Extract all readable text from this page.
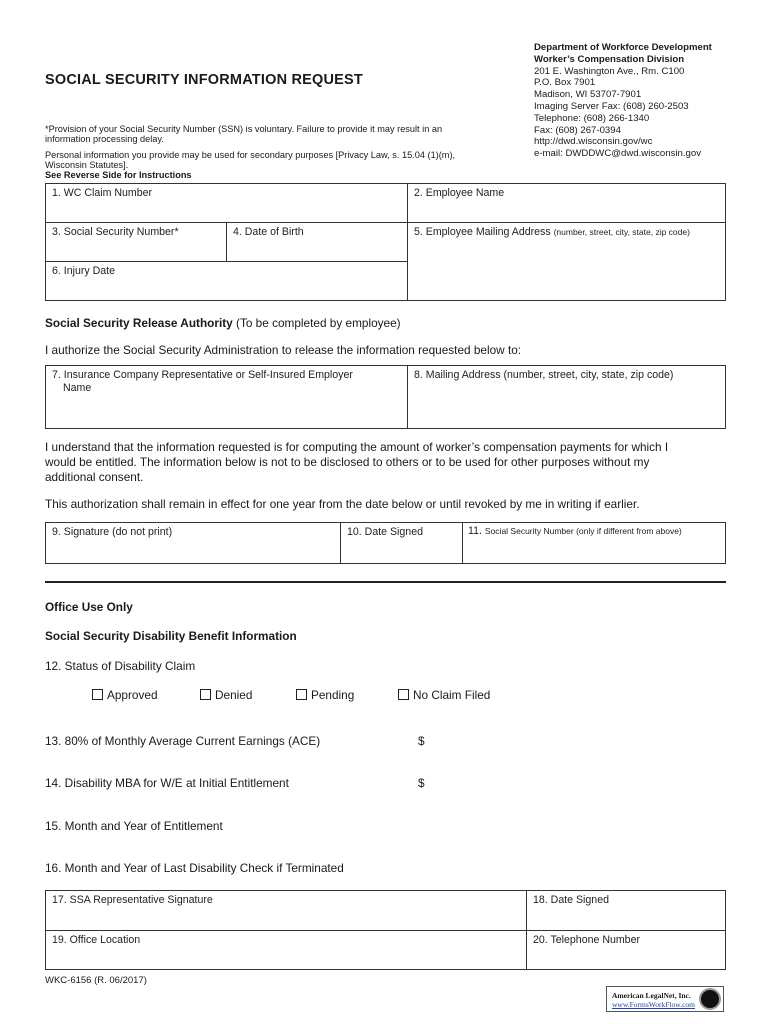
SOCIAL SECURITY INFORMATION REQUEST
Department of Workforce Development
Worker’s Compensation Division
201 E. Washington Ave., Rm. C100
P.O. Box 7901
Madison, WI 53707-7901
Imaging Server Fax: (608) 260-2503
Telephone: (608) 266-1340
Fax: (608) 267-0394
http://dwd.wisconsin.gov/wc
e-mail: DWDDWC@dwd.wisconsin.gov
*Provision of your Social Security Number (SSN) is voluntary. Failure to provide it may result in an
information processing delay.
Personal information you provide may be used for secondary purposes [Privacy Law, s. 15.04 (1)(m),
Wisconsin Statutes].
See Reverse Side for Instructions
1. WC Claim Number	2. Employee Name
3. Social Security Number*	4. Date of Birth	5. Employee Mailing Address (number, street, city, state, zip code)
6. Injury Date
Social Security Release Authority (To be completed by employee)
I authorize the Social Security Administration to release the information requested below to:
7. Insurance Company Representative or Self-Insured Employer
Name
8. Mailing Address (number, street, city, state, zip code)
I understand that the information requested is for computing the amount of worker’s compensation payments for which I
would be entitled. The information below is not to be disclosed to others or to be used for other purposes without my
additional consent.
This authorization shall remain in effect for one year from the date below or until revoked by me in writing if earlier.
9. Signature (do not print)	10. Date Signed	11. Social Security Number (only if different from above)
Office Use Only
Social Security Disability Benefit Information
12. Status of Disability Claim
Approved	Denied	Pending	No Claim Filed
13. 80% of Monthly Average Current Earnings (ACE)	$
14. Disability MBA for W/E at Initial Entitlement	$
15. Month and Year of Entitlement
16. Month and Year of Last Disability Check if Terminated
17. SSA Representative Signature	18. Date Signed
19. Office Location	20. Telephone Number
WKC-6156 (R. 06/2017)
American LegalNet, Inc.
www.FormsWorkFlow.com
